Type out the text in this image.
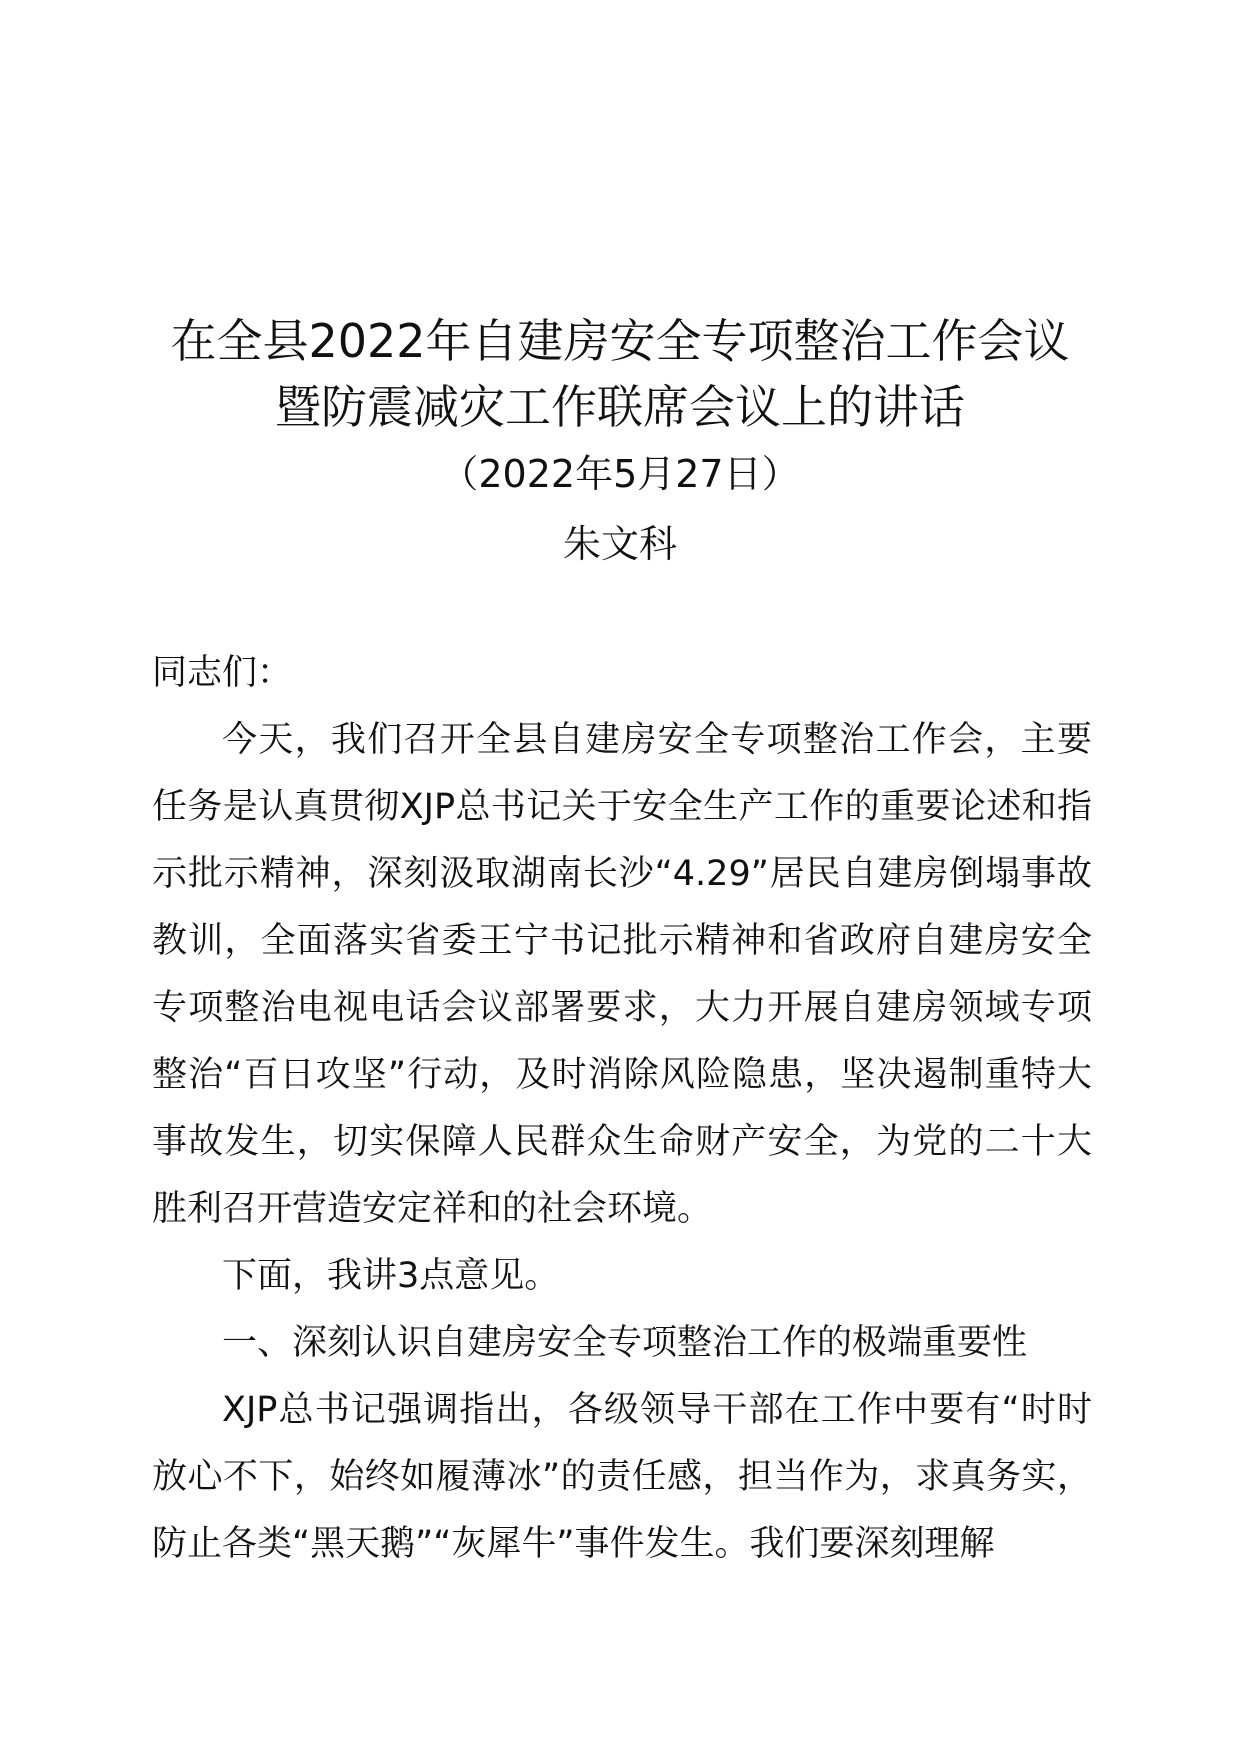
在全县2022年自建房安全专项整治工作会议
暨防震减灾工作联席会议上的讲话
（2022年5月27日）
朱文科

同志们：

今天，我们召开全县自建房安全专项整治工作会，主要任务是认真贯彻XJP总书记关于安全生产工作的重要论述和指示批示精神，深刻汲取湖南长沙“4.29”居民自建房倒塌事故教训，全面落实省委王宁书记批示精神和省政府自建房安全专项整治电视电话会议部署要求，大力开展自建房领域专项整治“百日攻坚”行动，及时消除风险隐患，坚决遏制重特大事故发生，切实保障人民群众生命财产安全，为党的二十大胜利召开营造安定祥和的社会环境。

下面，我讲3点意见。

一、深刻认识自建房安全专项整治工作的极端重要性

XJP总书记强调指出，各级领导干部在工作中要有“时时放心不下，始终如履薄冰”的责任感，担当作为，求真务实，防止各类“黑天鹅”“灰犀牛”事件发生。我们要深刻理解
